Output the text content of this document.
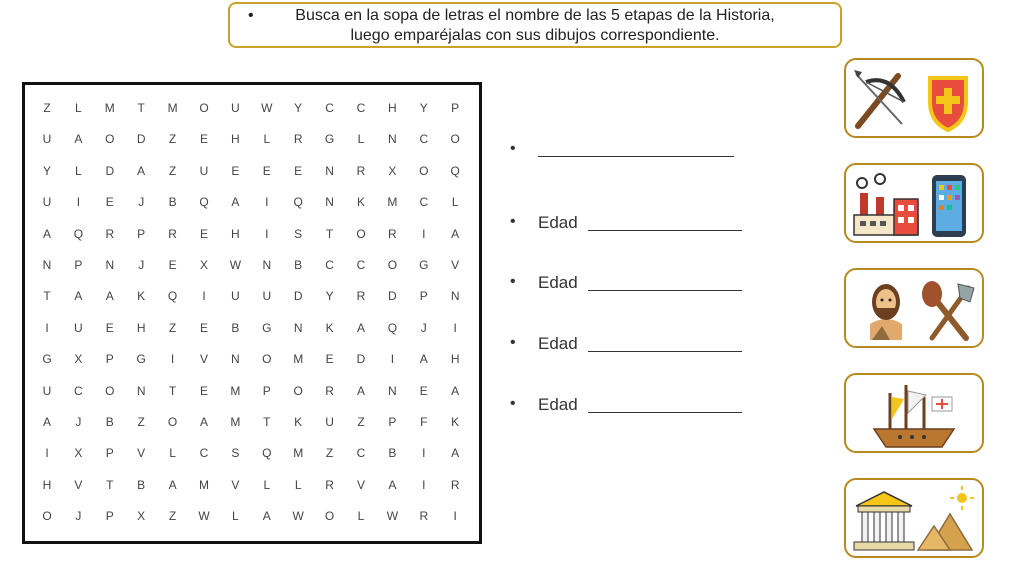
•	Busca en la sopa de letras el nombre de las 5 etapas de la Historia,
luego emparéjalas con sus dibujos correspondiente.
Z	L	M	T	M	O	U	W	Y	C	C	H	Y	P
U	A	O	D	Z	E	H	L	R	G	L	N	C	O
Y	L	D	A	Z	U	E	E	E	N	R	X	O	Q
U	I	E	J	B	Q	A	I	Q	N	K	M	C	L
A	Q	R	P	R	E	H	I	S	T	O	R	I	A
N	P	N	J	E	X	W	N	B	C	C	O	G	V
T	A	A	K	Q	I	U	U	D	Y	R	D	P	N
I	U	E	H	Z	E	B	G	N	K	A	Q	J	I
G	X	P	G	I	V	N	O	M	E	D	I	A	H
U	C	O	N	T	E	M	P	O	R	A	N	E	A
A	J	B	Z	O	A	M	T	K	U	Z	P	F	K
I	X	P	V	L	C	S	Q	M	Z	C	B	I	A
H	V	T	B	A	M	V	L	L	R	V	A	I	R
O	J	P	X	Z	W	L	A	W	O	L	W	R	I
•
• Edad
• Edad
• Edad
• Edad
